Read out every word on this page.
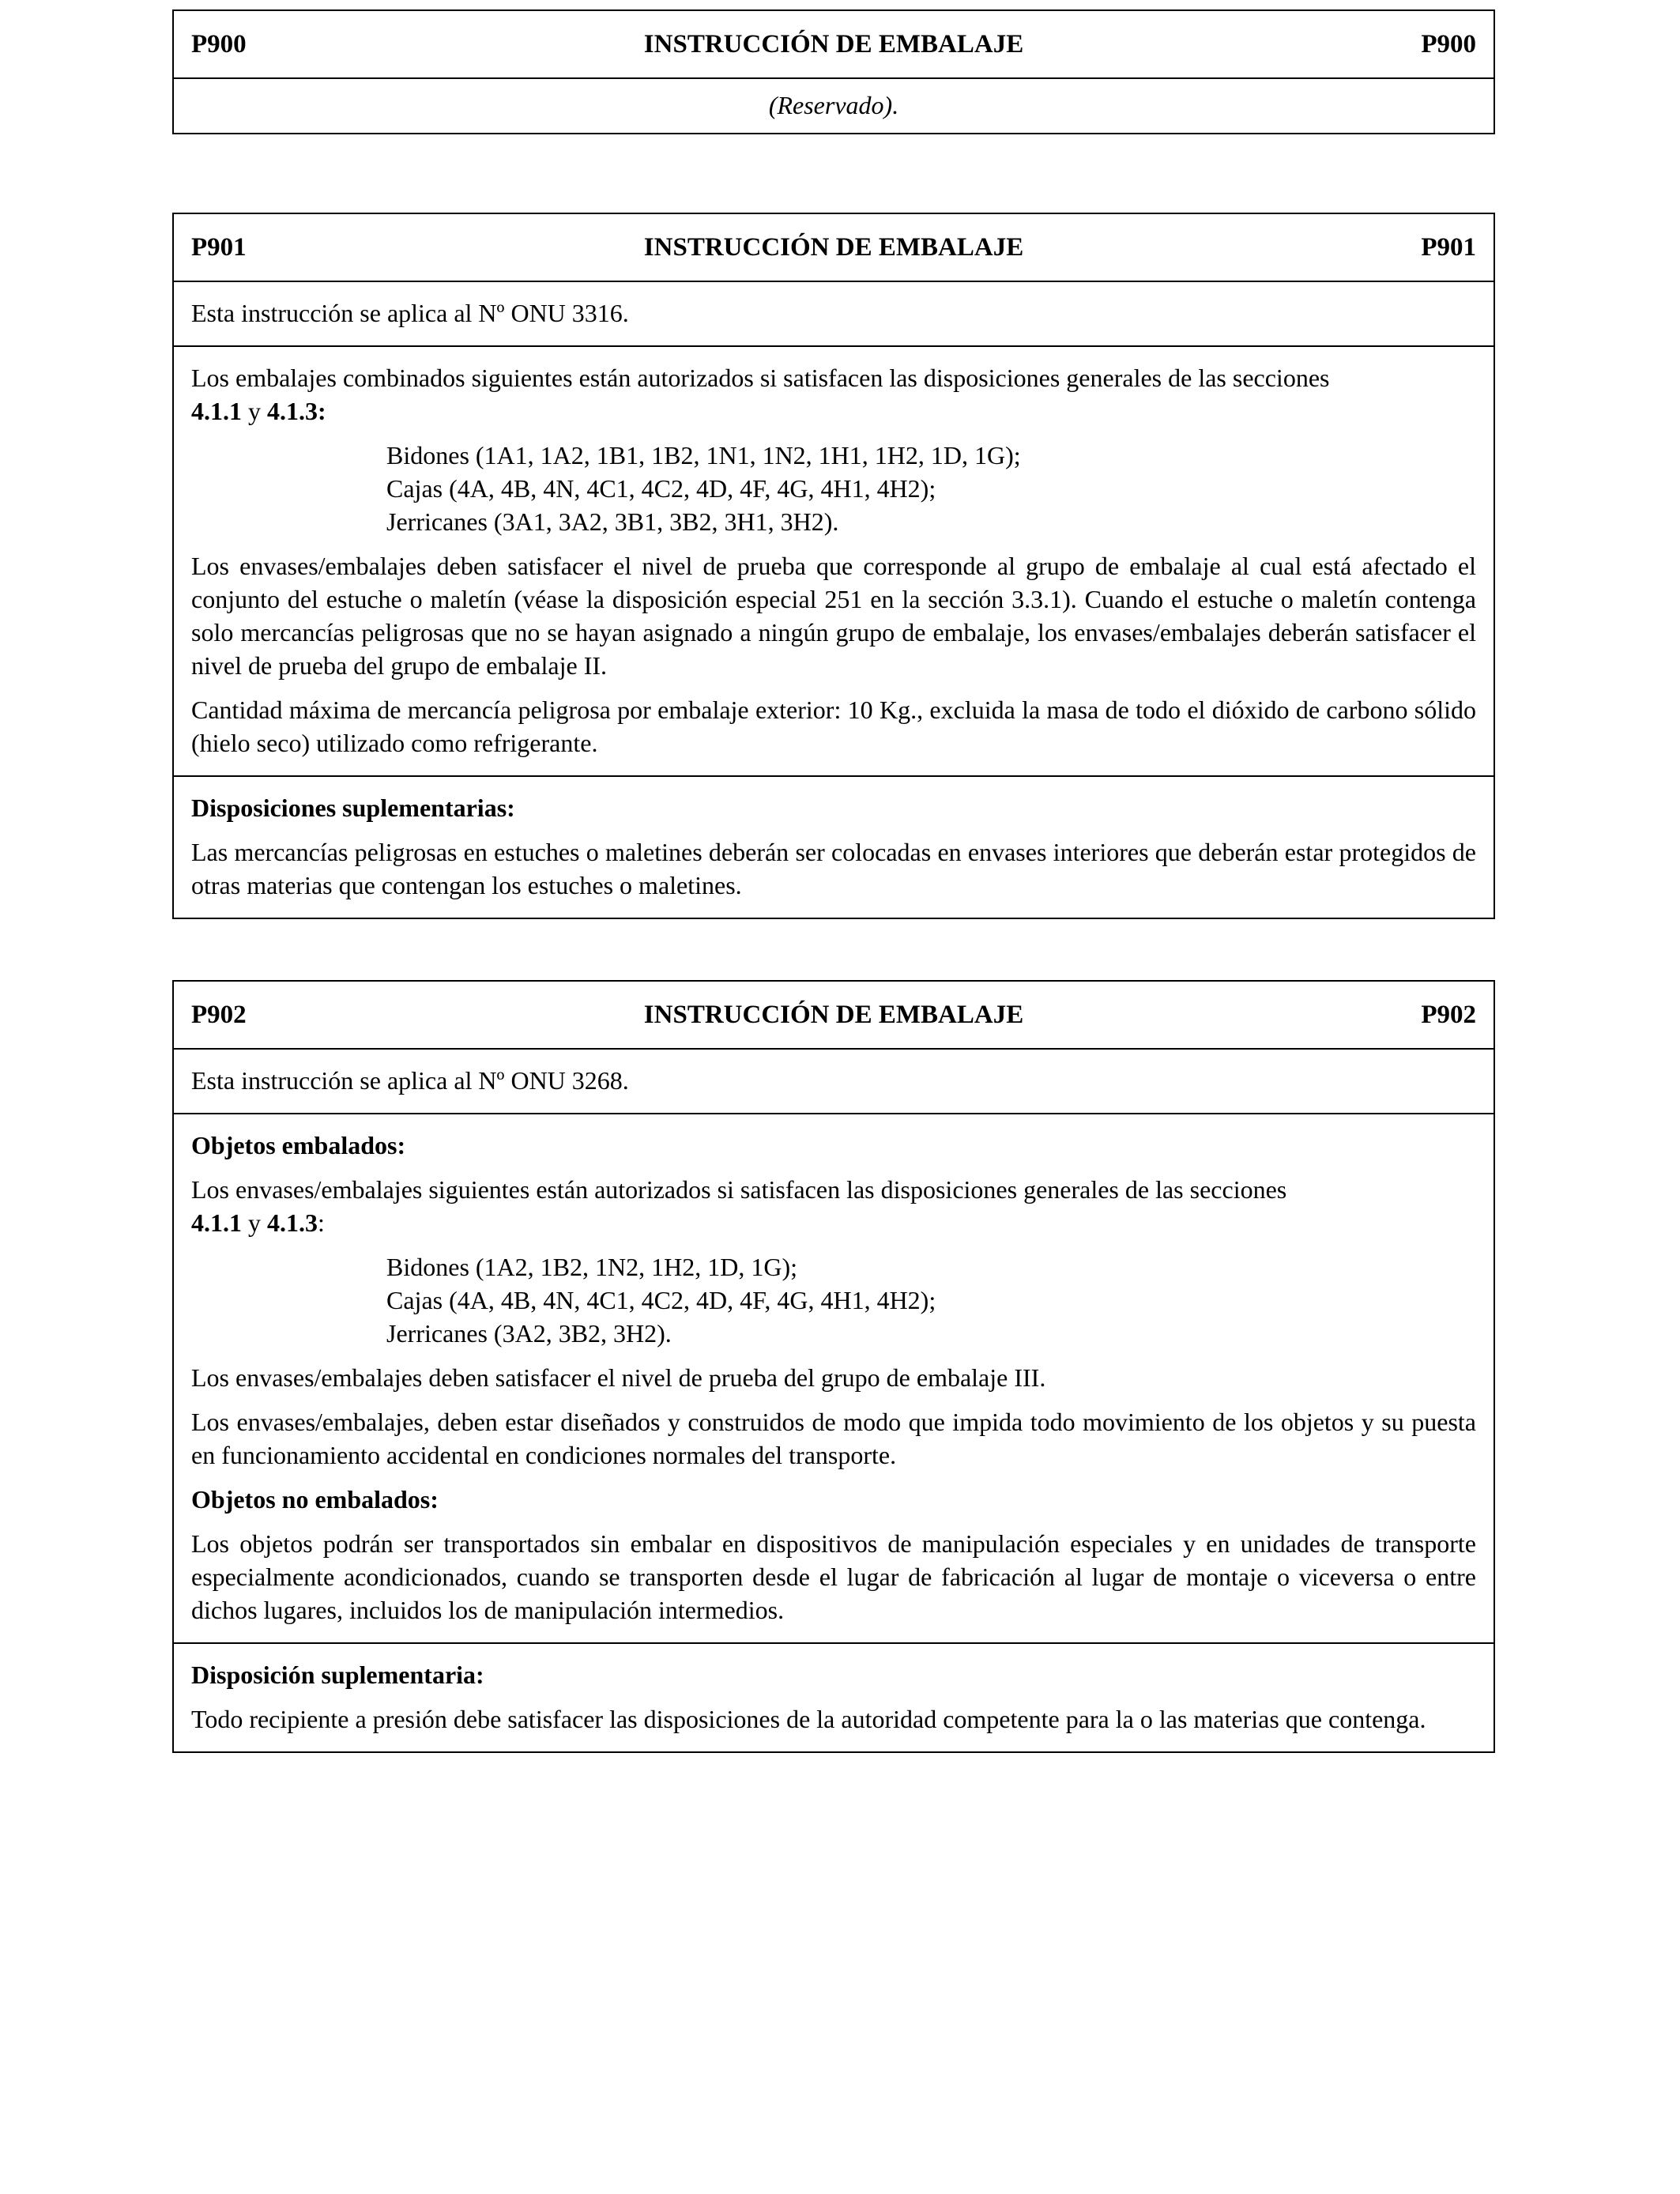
P900	INSTRUCCIÓN DE EMBALAJE	P900
(Reservado).
P901	INSTRUCCIÓN DE EMBALAJE	P901

Esta instrucción se aplica al Nº ONU 3316.

Los embalajes combinados siguientes están autorizados si satisfacen las disposiciones generales de las secciones
4.1.1 y 4.1.3:

Bidones (1A1, 1A2, 1B1, 1B2, 1N1, 1N2, 1H1, 1H2, 1D, 1G);
Cajas (4A, 4B, 4N, 4C1, 4C2, 4D, 4F, 4G, 4H1, 4H2);
Jerricanes (3A1, 3A2, 3B1, 3B2, 3H1, 3H2).

Los envases/embalajes deben satisfacer el nivel de prueba que corresponde al grupo de embalaje al cual está afectado el conjunto del estuche o maletín (véase la disposición especial 251 en la sección 3.3.1). Cuando el estuche o maletín contenga solo mercancías peligrosas que no se hayan asignado a ningún grupo de embalaje, los envases/embalajes deberán satisfacer el nivel de prueba del grupo de embalaje II.

Cantidad máxima de mercancía peligrosa por embalaje exterior: 10 Kg., excluida la masa de todo el dióxido de carbono sólido (hielo seco) utilizado como refrigerante.

Disposiciones suplementarias:

Las mercancías peligrosas en estuches o maletines deberán ser colocadas en envases interiores que deberán estar protegidos de otras materias que contengan los estuches o maletines.

P902	INSTRUCCIÓN DE EMBALAJE	P902

Esta instrucción se aplica al Nº ONU 3268.

Objetos embalados:

Los envases/embalajes siguientes están autorizados si satisfacen las disposiciones generales de las secciones
4.1.1 y 4.1.3:

Bidones (1A2, 1B2, 1N2, 1H2, 1D, 1G);
Cajas (4A, 4B, 4N, 4C1, 4C2, 4D, 4F, 4G, 4H1, 4H2);
Jerricanes (3A2, 3B2, 3H2).

Los envases/embalajes deben satisfacer el nivel de prueba del grupo de embalaje III.

Los envases/embalajes, deben estar diseñados y construidos de modo que impida todo movimiento de los objetos y su puesta en funcionamiento accidental en condiciones normales del transporte.

Objetos no embalados:

Los objetos podrán ser transportados sin embalar en dispositivos de manipulación especiales y en unidades de transporte especialmente acondicionados, cuando se transporten desde el lugar de fabricación al lugar de montaje o viceversa o entre dichos lugares, incluidos los de manipulación intermedios.

Disposición suplementaria:

Todo recipiente a presión debe satisfacer las disposiciones de la autoridad competente para la o las materias que contenga.
